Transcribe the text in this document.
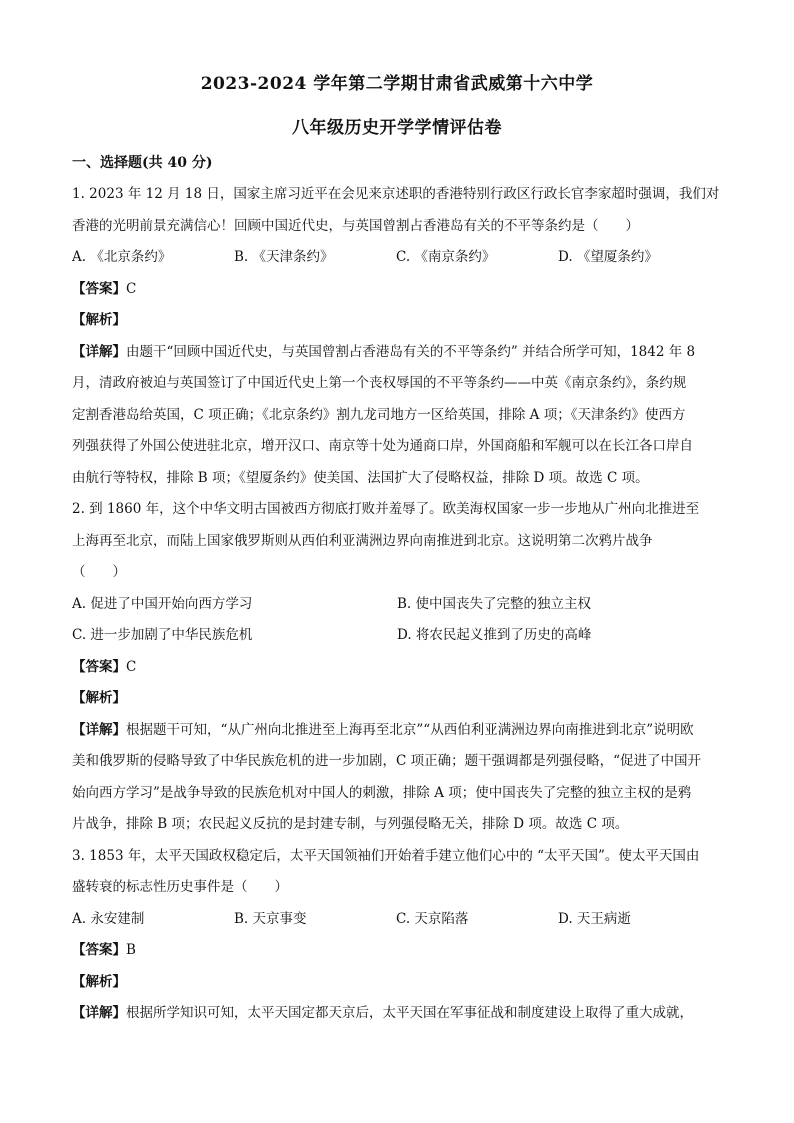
2023-2024 学年第二学期甘肃省武威第十六中学

八年级历史开学学情评估卷

一、选择题(共 40 分)

1. 2023 年 12 月 18 日，国家主席习近平在会见来京述职的香港特别行政区行政长官李家超时强调，我们对

香港的光明前景充满信心！回顾中国近代史，与英国曾割占香港岛有关的不平等条约是（　　）

A. 《北京条约》	B. 《天津条约》	C. 《南京条约》	D. 《望厦条约》

【答案】C

【解析】

【详解】由题干“回顾中国近代史，与英国曾割占香港岛有关的不平等条约” 并结合所学可知，1842 年 8

月，清政府被迫与英国签订了中国近代史上第一个丧权辱国的不平等条约——中英《南京条约》，条约规

定割香港岛给英国，C 项正确；《北京条约》割九龙司地方一区给英国，排除 A 项；《天津条约》使西方

列强获得了外国公使进驻北京，增开汉口、南京等十处为通商口岸，外国商船和军舰可以在长江各口岸自

由航行等特权，排除 B 项；《望厦条约》使美国、法国扩大了侵略权益，排除 D 项。故选 C 项。

2. 到 1860 年，这个中华文明古国被西方彻底打败并羞辱了。欧美海权国家一步一步地从广州向北推进至

上海再至北京，而陆上国家俄罗斯则从西伯利亚满洲边界向南推进到北京。这说明第二次鸦片战争

（　　）

A. 促进了中国开始向西方学习	B. 使中国丧失了完整的独立主权
C. 进一步加剧了中华民族危机	D. 将农民起义推到了历史的高峰

【答案】C

【解析】

【详解】根据题干可知，“从广州向北推进至上海再至北京”“从西伯利亚满洲边界向南推进到北京”说明欧

美和俄罗斯的侵略导致了中华民族危机的进一步加剧，C 项正确；题干强调都是列强侵略，“促进了中国开

始向西方学习”是战争导致的民族危机对中国人的刺激，排除 A 项；使中国丧失了完整的独立主权的是鸦

片战争，排除 B 项；农民起义反抗的是封建专制，与列强侵略无关，排除 D 项。故选 C 项。

3. 1853 年，太平天国政权稳定后，太平天国领袖们开始着手建立他们心中的 “太平天国”。使太平天国由

盛转衰的标志性历史事件是（　　）

A. 永安建制	B. 天京事变	C. 天京陷落	D. 天王病逝

【答案】B

【解析】

【详解】根据所学知识可知，太平天国定都天京后，太平天国在军事征战和制度建设上取得了重大成就，
